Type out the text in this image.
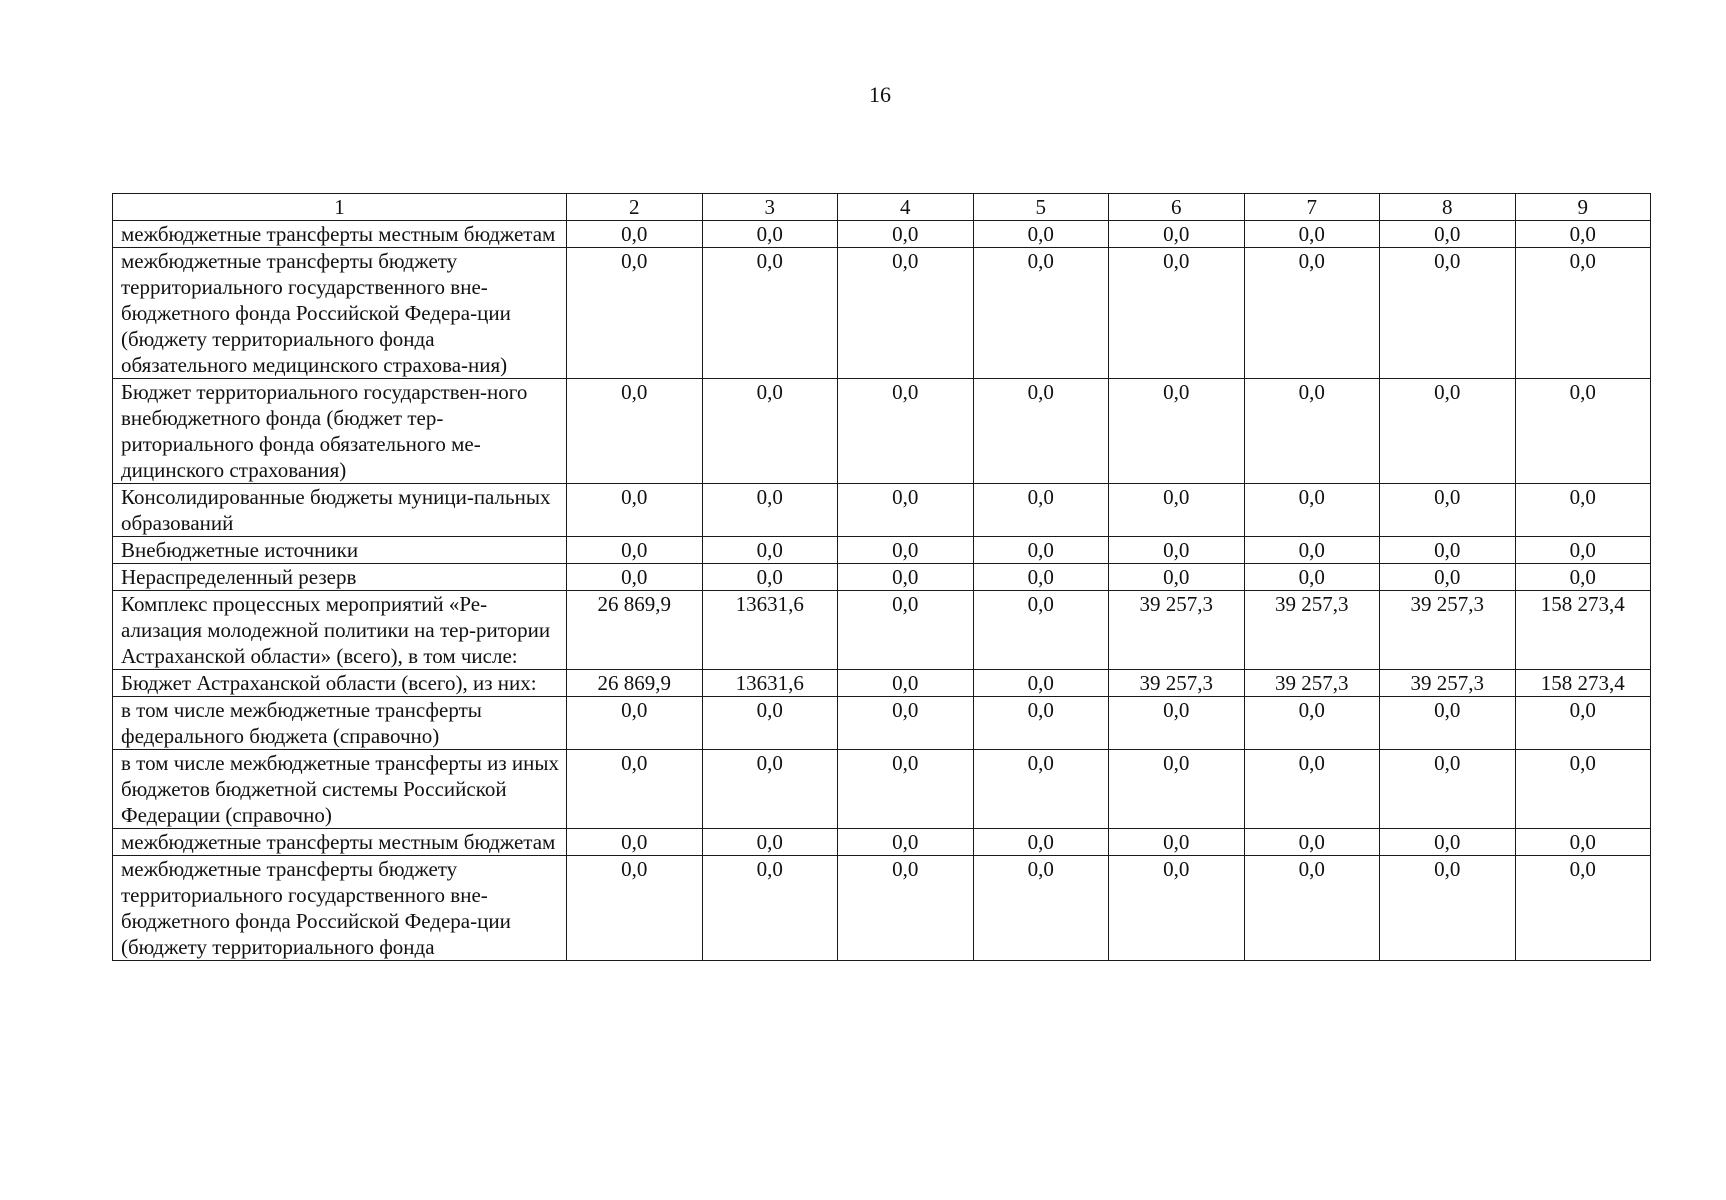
16
1	2	3	4	5	6	7	8	9
межбюджетные трансферты местным бюджетам	0,0	0,0	0,0	0,0	0,0	0,0	0,0	0,0
межбюджетные трансферты бюджету территориального государственного вне-бюджетного фонда Российской Федера-ции (бюджету территориального фонда обязательного медицинского страхова-ния)	0,0	0,0	0,0	0,0	0,0	0,0	0,0	0,0
Бюджет территориального государствен-ного внебюджетного фонда (бюджет тер-риториального фонда обязательного ме-дицинского страхования)	0,0	0,0	0,0	0,0	0,0	0,0	0,0	0,0
Консолидированные бюджеты муници-пальных образований	0,0	0,0	0,0	0,0	0,0	0,0	0,0	0,0
Внебюджетные источники	0,0	0,0	0,0	0,0	0,0	0,0	0,0	0,0
Нераспределенный резерв	0,0	0,0	0,0	0,0	0,0	0,0	0,0	0,0
Комплекс процессных мероприятий «Ре-ализация молодежной политики на тер-ритории Астраханской области» (всего), в том числе:	26 869,9	13631,6	0,0	0,0	39 257,3	39 257,3	39 257,3	158 273,4
Бюджет Астраханской области (всего), из них:	26 869,9	13631,6	0,0	0,0	39 257,3	39 257,3	39 257,3	158 273,4
в том числе межбюджетные трансферты федерального бюджета (справочно)	0,0	0,0	0,0	0,0	0,0	0,0	0,0	0,0
в том числе межбюджетные трансферты из иных бюджетов бюджетной системы Российской Федерации (справочно)	0,0	0,0	0,0	0,0	0,0	0,0	0,0	0,0
межбюджетные трансферты местным бюджетам	0,0	0,0	0,0	0,0	0,0	0,0	0,0	0,0
межбюджетные трансферты бюджету территориального государственного вне-бюджетного фонда Российской Федера-ции (бюджету территориального фонда	0,0	0,0	0,0	0,0	0,0	0,0	0,0	0,0
